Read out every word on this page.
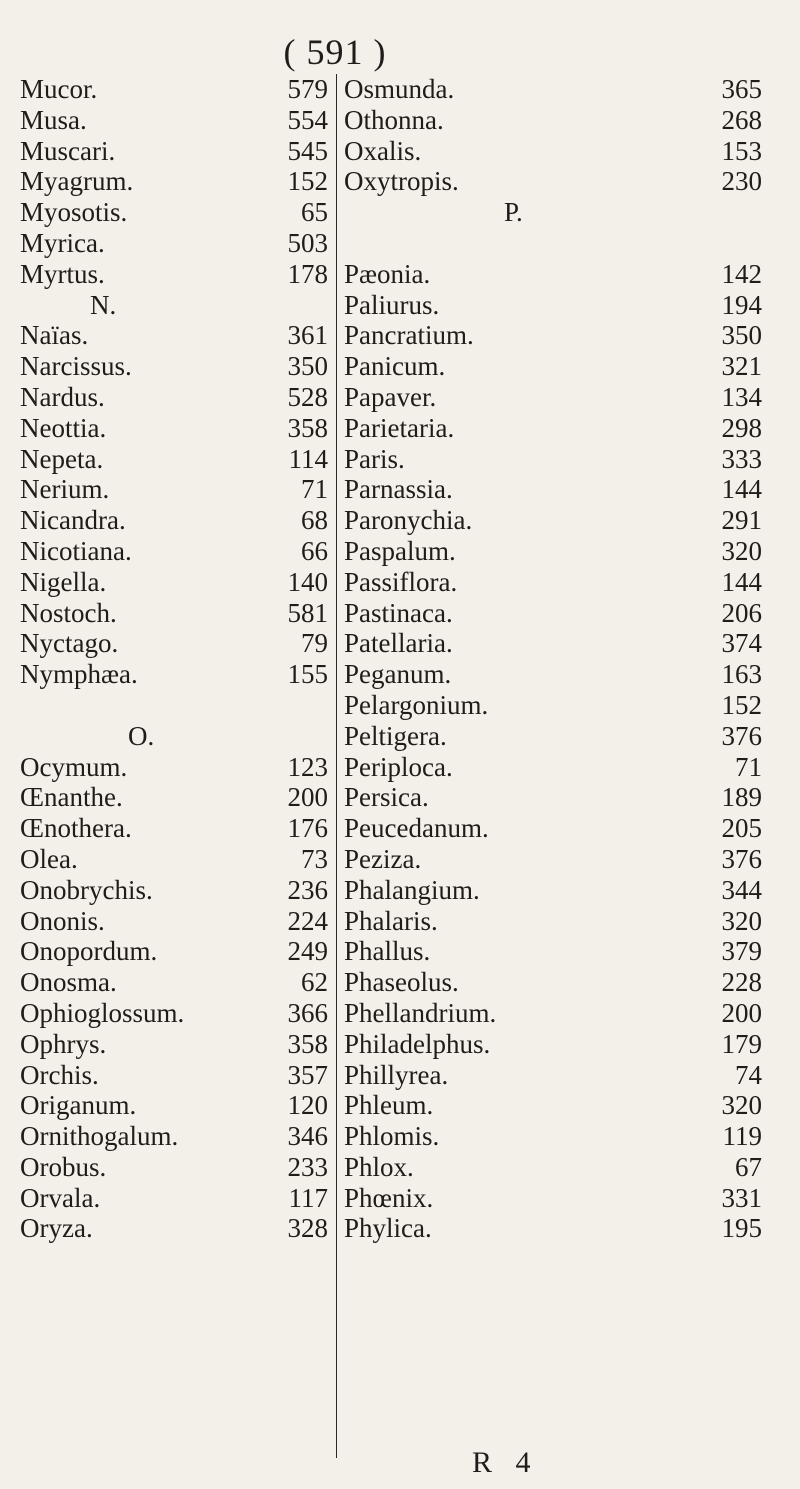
( 591 )
Mucor.	579
Musa.	554
Muscari.	545
Myagrum.	152
Myosotis.	65
Myrica.	503
Myrtus.	178
N.
Naïas.	361
Narcissus.	350
Nardus.	528
Neottia.	358
Nepeta.	114
Nerium.	71
Nicandra.	68
Nicotiana.	66
Nigella.	140
Nostoch.	581
Nyctago.	79
Nymphæa.	155
O.
Ocymum.	123
Œnanthe.	200
Œnothera.	176
Olea.	73
Onobrychis.	236
Ononis.	224
Onopordum.	249
Onosma.	62
Ophioglossum.	366
Ophrys.	358
Orchis.	357
Origanum.	120
Ornithogalum.	346
Orobus.	233
Orvala.	117
Oryza.	328
Osmunda.	365
Othonna.	268
Oxalis.	153
Oxytropis.	230
P.
Pæonia.	142
Paliurus.	194
Pancratium.	350
Panicum.	321
Papaver.	134
Parietaria.	298
Paris.	333
Parnassia.	144
Paronychia.	291
Paspalum.	320
Passiflora.	144
Pastinaca.	206
Patellaria.	374
Peganum.	163
Pelargonium.	152
Peltigera.	376
Periploca.	71
Persica.	189
Peucedanum.	205
Peziza.	376
Phalangium.	344
Phalaris.	320
Phallus.	379
Phaseolus.	228
Phellandrium.	200
Philadelphus.	179
Phillyrea.	74
Phleum.	320
Phlomis.	119
Phlox.	67
Phœnix.	331
Phylica.	195
R 4
